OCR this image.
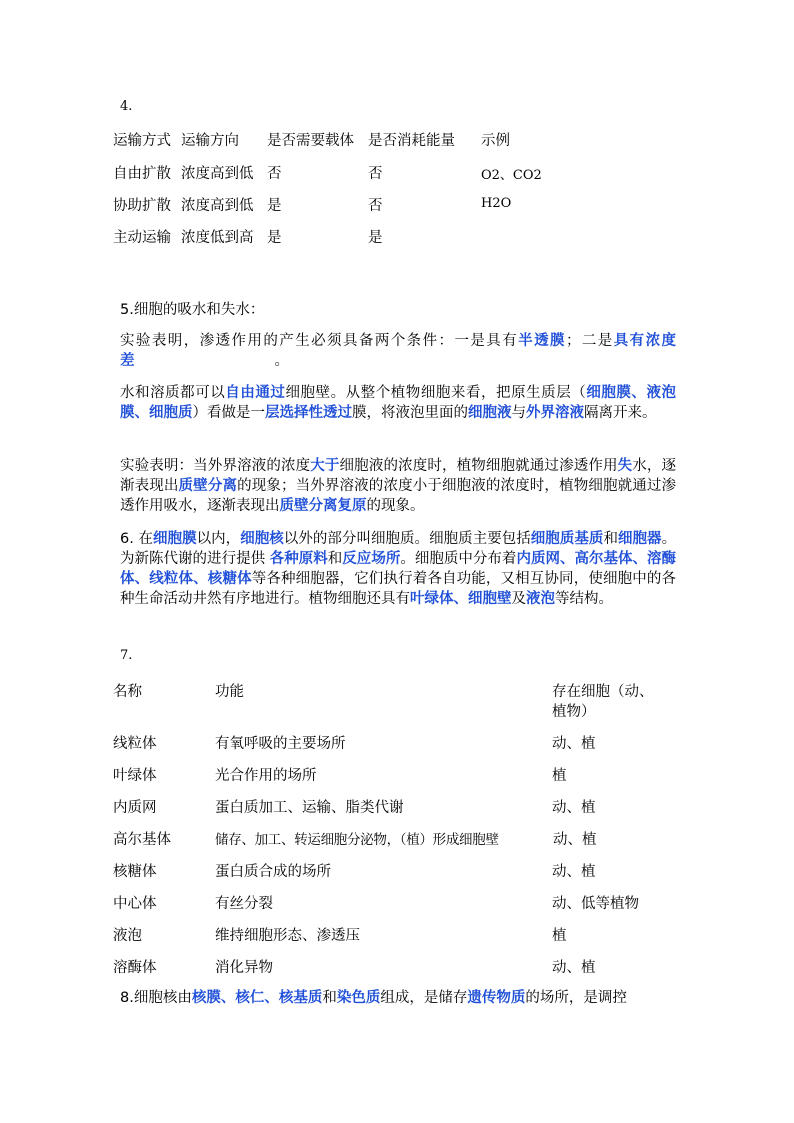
4.
运输方式 运输方向 是否需要载体 是否消耗能量 示例
自由扩散 浓度高到低 否	否	O2、CO2
协助扩散 浓度高到低 是	否	H2O
主动运输 浓度低到高 是	是
5.细胞的吸水和失水：
实验表明，渗透作用的产生必须具备两个条件：一是具有半透膜；二是具有浓度差	。
水和溶质都可以自由通过细胞壁。从整个植物细胞来看，把原生质层（细胞膜、液泡膜、细胞质）看做是一层选择性透过膜，将液泡里面的细胞液与外界溶液隔离开来。
实验表明：当外界溶液的浓度大于细胞液的浓度时，植物细胞就通过渗透作用失水，逐渐表现出质壁分离的现象；当外界溶液的浓度小于细胞液的浓度时，植物细胞就通过渗透作用吸水，逐渐表现出质壁分离复原的现象。
6. 在细胞膜以内，细胞核以外的部分叫细胞质。细胞质主要包括细胞质基质和细胞器。为新陈代谢的进行提供 各种原料和反应场所。细胞质中分布着内质网、高尔基体、溶酶体、线粒体、核糖体等各种细胞器，它们执行着各自功能，又相互协同，使细胞中的各种生命活动井然有序地进行。植物细胞还具有叶绿体、细胞壁及液泡等结构。
7.
名称	功能	存在细胞（动、
植物）
线粒体	有氧呼吸的主要场所	动、植
叶绿体	光合作用的场所	植
内质网	蛋白质加工、运输、脂类代谢	动、植
高尔基体	储存、加工、转运细胞分泌物，（植）形成细胞壁	动、植
核糖体	蛋白质合成的场所	动、植
中心体	有丝分裂	动、低等植物
液泡	维持细胞形态、渗透压	植
溶酶体	消化异物	动、植
8.细胞核由核膜、核仁、核基质和染色质组成，是储存遗传物质的场所，是调控
